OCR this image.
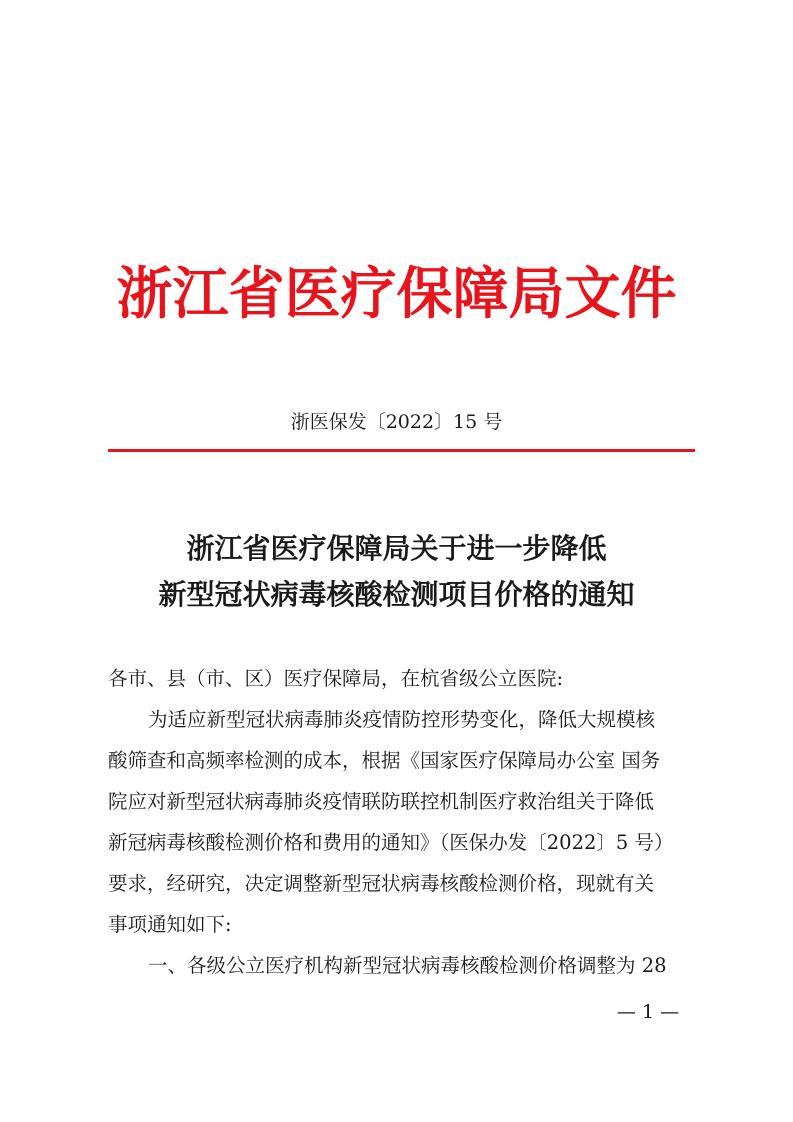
浙江省医疗保障局文件
浙医保发〔2022〕15 号
浙江省医疗保障局关于进一步降低
新型冠状病毒核酸检测项目价格的通知
各市、县（市、区）医疗保障局，在杭省级公立医院:
为适应新型冠状病毒肺炎疫情防控形势变化，降低大规模核
酸筛查和高频率检测的成本，根据《国家医疗保障局办公室 国务
院应对新型冠状病毒肺炎疫情联防联控机制医疗救治组关于降低
新冠病毒核酸检测价格和费用的通知》（医保办发〔2022〕5 号）
要求，经研究，决定调整新型冠状病毒核酸检测价格，现就有关
事项通知如下:
一、各级公立医疗机构新型冠状病毒核酸检测价格调整为 28
— 1 —
